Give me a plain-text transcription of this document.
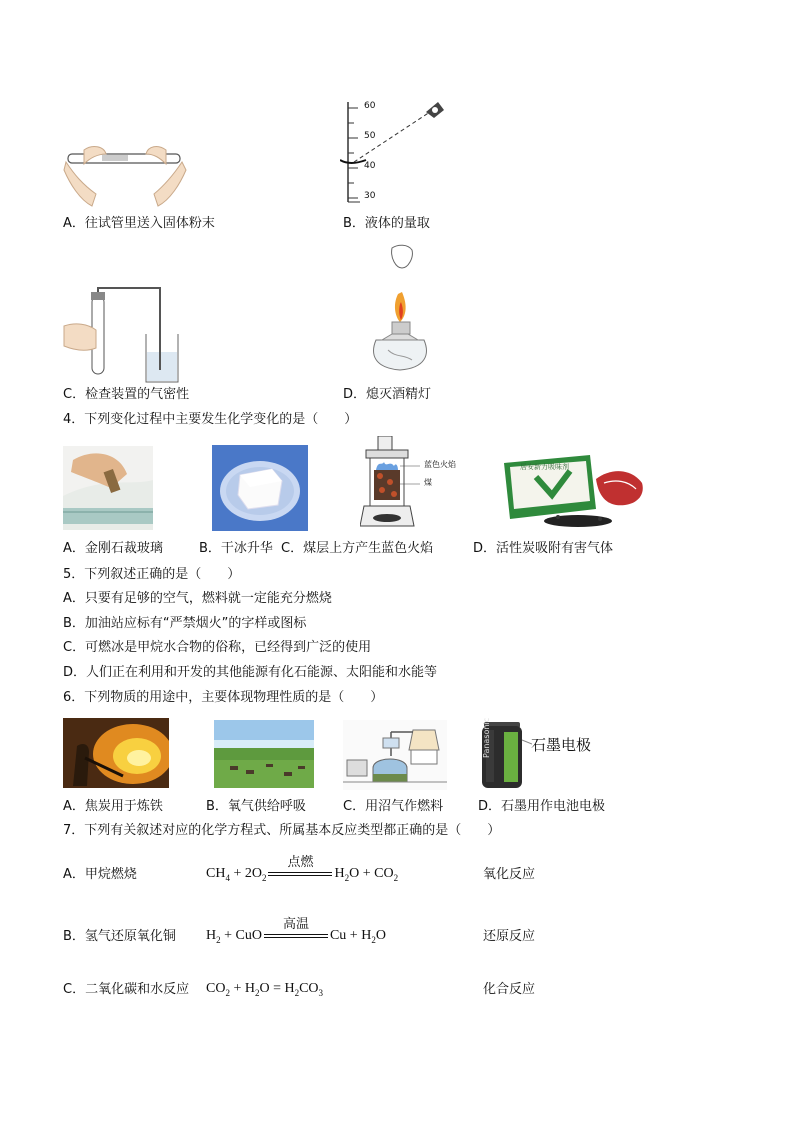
A．往试管里送入固体粉末
60
50
40
30
B．液体的量取
C．检查装置的气密性	D．熄灭酒精灯
4．下列变化过程中主要发生化学变化的是（　　）
A．金刚石裁玻璃	B．干冰升华
蓝色火焰
煤
C．煤层上方产生蓝色火焰
居安新力吸味剂
D．活性炭吸附有害气体
5．下列叙述正确的是（　　）
A．只要有足够的空气，燃料就一定能充分燃烧
B．加油站应标有“严禁烟火”的字样或图标
C．可燃冰是甲烷水合物的俗称，已经得到广泛的使用
D．人们正在利用和开发的其他能源有化石能源、太阳能和水能等
6．下列物质的用途中，主要体现物理性质的是（　　）
A．焦炭用于炼铁	B．氧气供给呼吸	C．用沼气作燃料
Panasonic	石墨电极
D．石墨用作电池电极
7．下列有关叙述对应的化学方程式、所属基本反应类型都正确的是（　　）
A．甲烷燃烧	$CH_4 + 2O_2$
点燃
$H_2O + CO_2$	氧化反应
B．氢气还原氧化铜 $H_2$ + CuO
高温
$Cu + H_2O$	还原反应
C．二氧化碳和水反应 $CO_2 + H_2O = H_2CO_3$	化合反应
